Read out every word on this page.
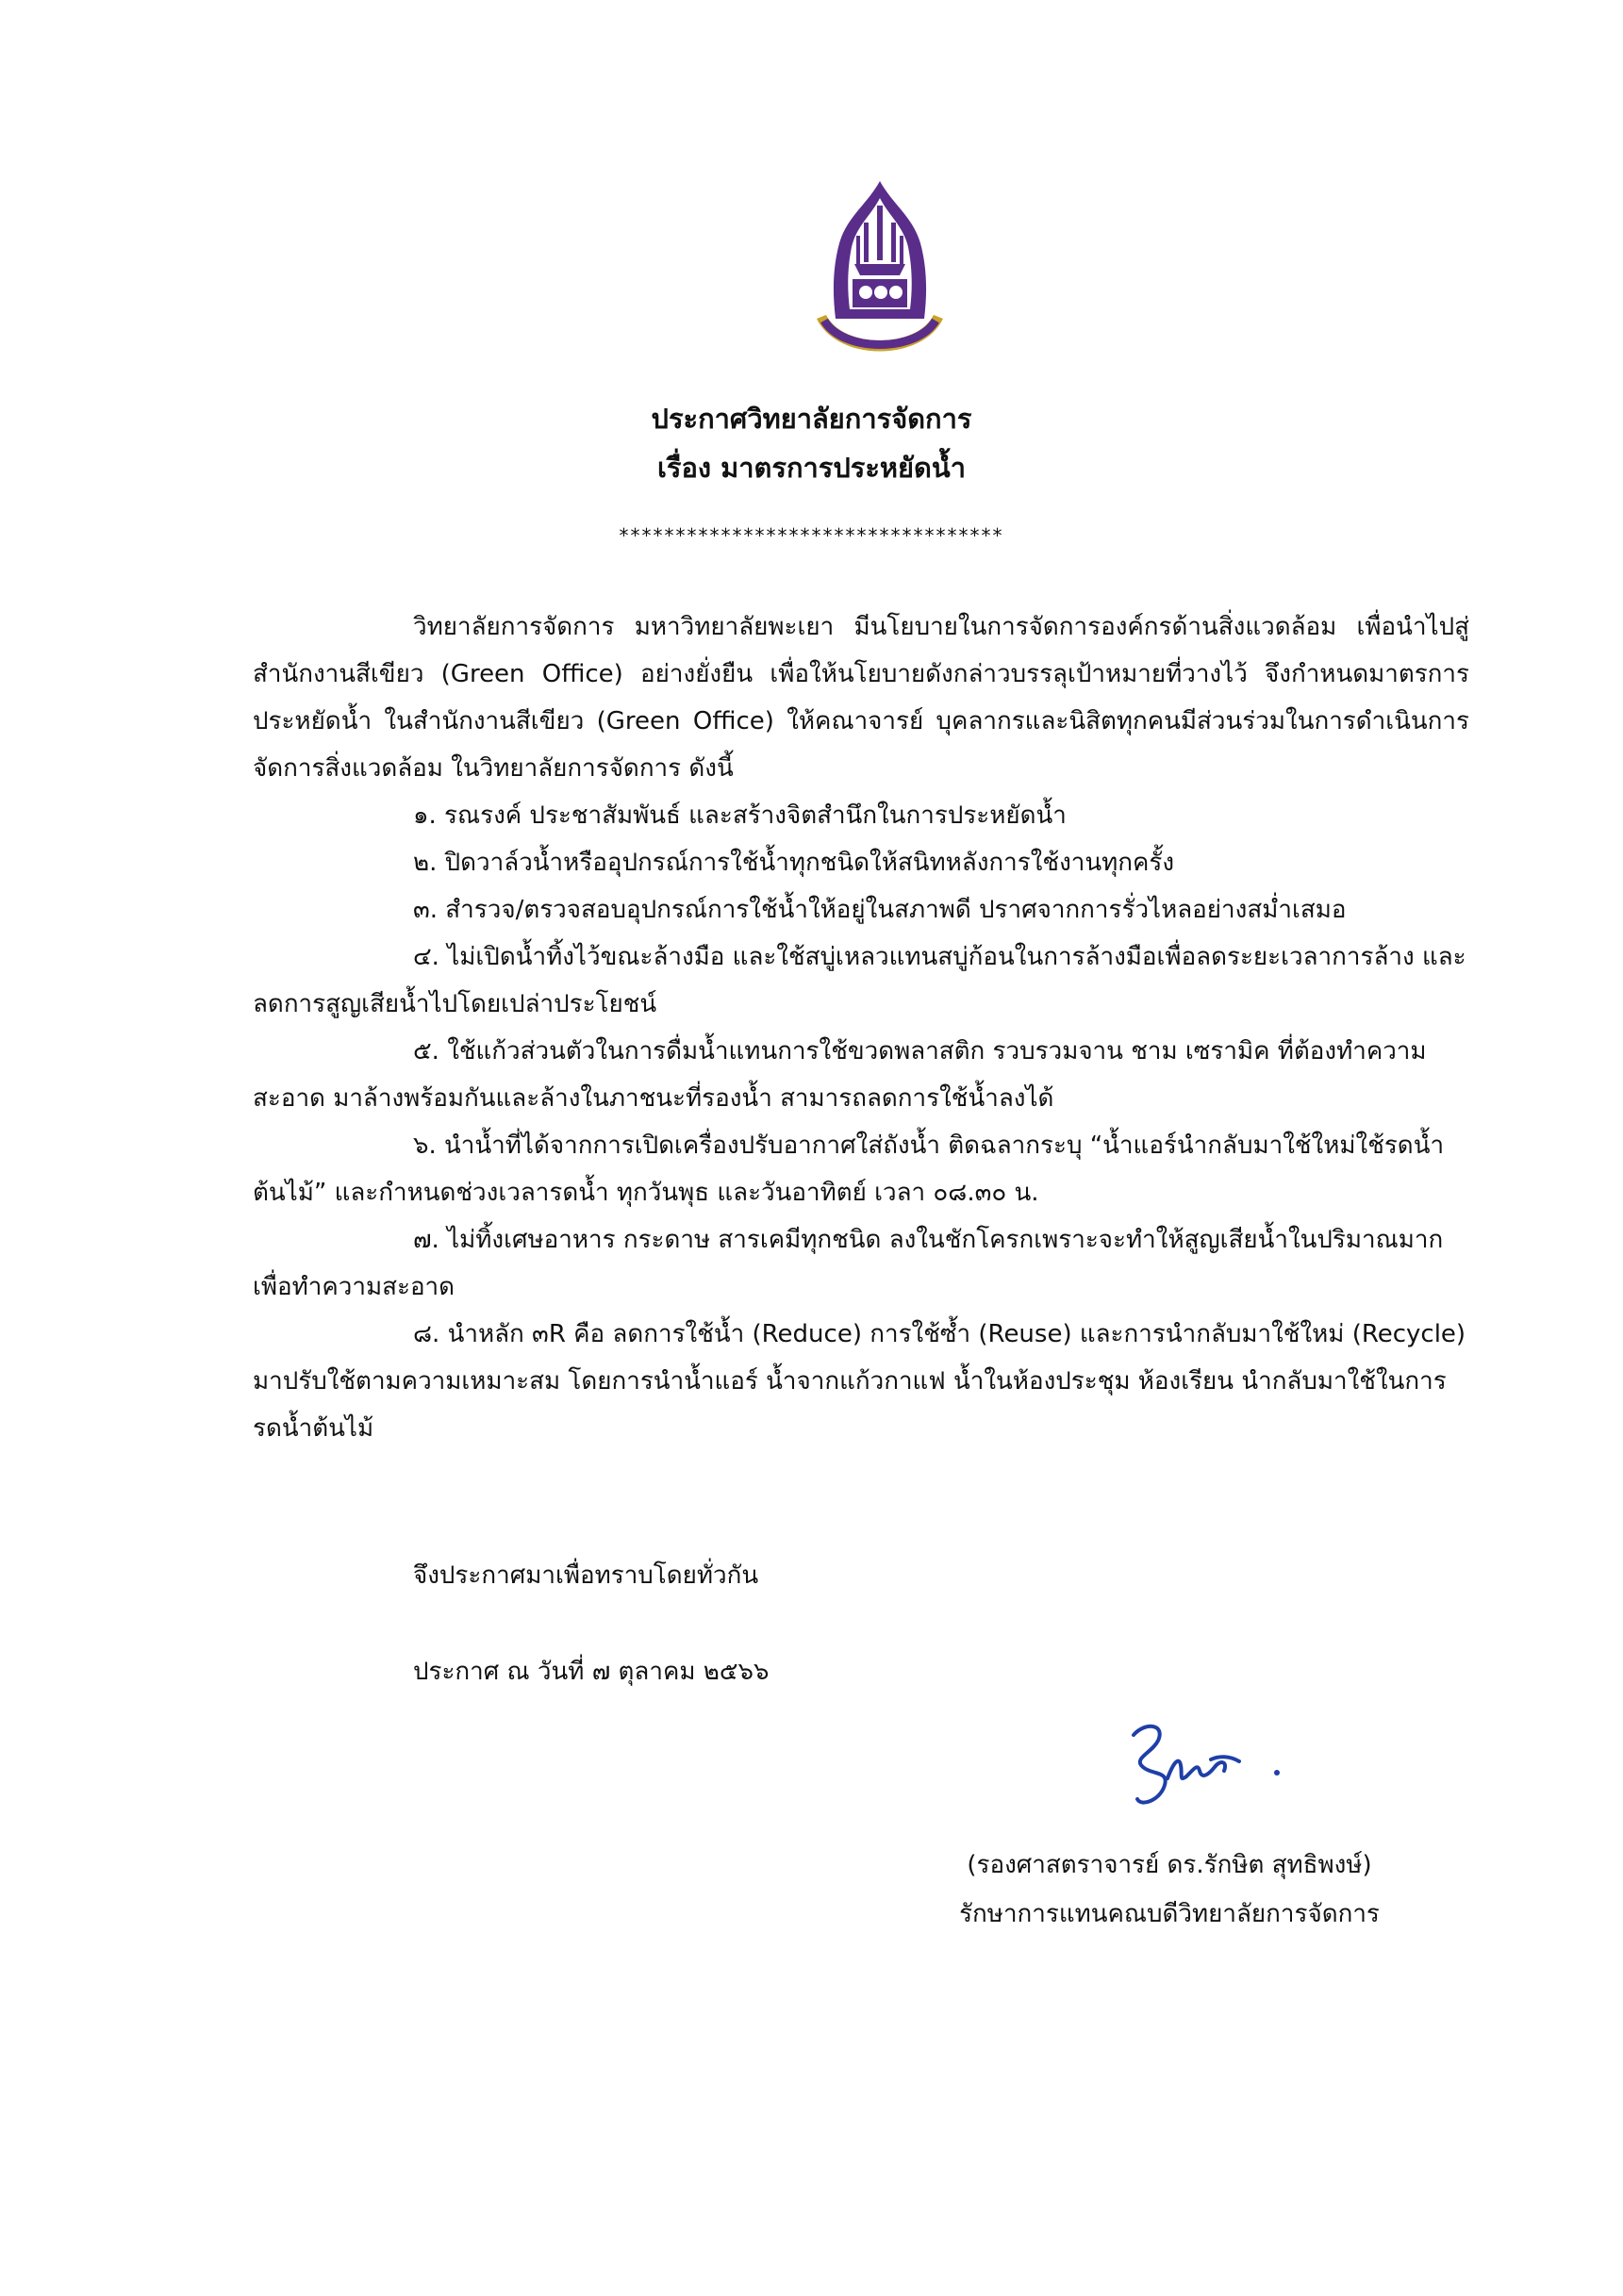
ประกาศวิทยาลัยการจัดการ
เรื่อง มาตรการประหยัดน้ำ
**********************************
วิทยาลัยการจัดการ มหาวิทยาลัยพะเยา มีนโยบายในการจัดการองค์กรด้านสิ่งแวดล้อม เพื่อนำไปสู่สำนักงานสีเขียว (Green Office) อย่างยั่งยืน เพื่อให้นโยบายดังกล่าวบรรลุเป้าหมายที่วางไว้ จึงกำหนดมาตรการประหยัดน้ำ ในสำนักงานสีเขียว (Green Office) ให้คณาจารย์ บุคลากรและนิสิตทุกคนมีส่วนร่วมในการดำเนินการจัดการสิ่งแวดล้อม ในวิทยาลัยการจัดการ ดังนี้
๑. รณรงค์ ประชาสัมพันธ์ และสร้างจิตสำนึกในการประหยัดน้ำ
๒. ปิดวาล์วน้ำหรืออุปกรณ์การใช้น้ำทุกชนิดให้สนิทหลังการใช้งานทุกครั้ง
๓. สำรวจ/ตรวจสอบอุปกรณ์การใช้น้ำให้อยู่ในสภาพดี ปราศจากการรั่วไหลอย่างสม่ำเสมอ
๔. ไม่เปิดน้ำทิ้งไว้ขณะล้างมือ และใช้สบู่เหลวแทนสบู่ก้อนในการล้างมือเพื่อลดระยะเวลาการล้าง และลดการสูญเสียน้ำไปโดยเปล่าประโยชน์
๕. ใช้แก้วส่วนตัวในการดื่มน้ำแทนการใช้ขวดพลาสติก รวบรวมจาน ชาม เซรามิค ที่ต้องทำความสะอาด มาล้างพร้อมกันและล้างในภาชนะที่รองน้ำ สามารถลดการใช้น้ำลงได้
๖. นำน้ำที่ได้จากการเปิดเครื่องปรับอากาศใส่ถังน้ำ ติดฉลากระบุ “น้ำแอร์นำกลับมาใช้ใหม่ใช้รดน้ำต้นไม้” และกำหนดช่วงเวลารดน้ำ ทุกวันพุธ และวันอาทิตย์ เวลา ๐๘.๓๐ น.
๗. ไม่ทิ้งเศษอาหาร กระดาษ สารเคมีทุกชนิด ลงในชักโครกเพราะจะทำให้สูญเสียน้ำในปริมาณมากเพื่อทำความสะอาด
๘. นำหลัก ๓R คือ ลดการใช้น้ำ (Reduce) การใช้ซ้ำ (Reuse) และการนำกลับมาใช้ใหม่ (Recycle) มาปรับใช้ตามความเหมาะสม โดยการนำน้ำแอร์ น้ำจากแก้วกาแฟ น้ำในห้องประชุม ห้องเรียน นำกลับมาใช้ในการรดน้ำต้นไม้
จึงประกาศมาเพื่อทราบโดยทั่วกัน
ประกาศ ณ วันที่ ๗ ตุลาคม ๒๕๖๖
(รองศาสตราจารย์ ดร.รักษิต สุทธิพงษ์)
รักษาการแทนคณบดีวิทยาลัยการจัดการ
